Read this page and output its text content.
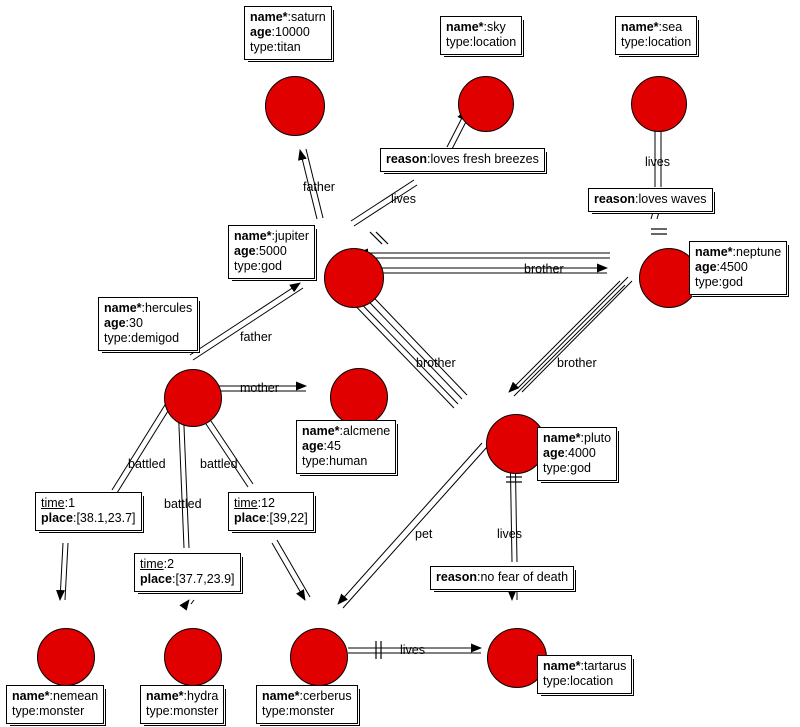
name*:saturn
age:10000
type:titan
name*:sky
type:location
name*:sea
type:location
reason:loves fresh breezes
reason:loves waves
name*:jupiter
age:5000
type:god
name*:neptune
age:4500
type:god
name*:hercules
age:30
type:demigod
name*:alcmene
age:45
type:human
name*:pluto
age:4000
type:god
time:1
place:[38.1,23.7]
time:2
place:[37.7,23.9]
time:12
place:[39,22]
reason:no fear of death
name*:tartarus
type:location
name*:nemean
type:monster
name*:hydra
type:monster
name*:cerberus
type:monster
father
lives
lives
brother
father
mother
brother	brother
battled	battled
battled
pet	lives
lives
